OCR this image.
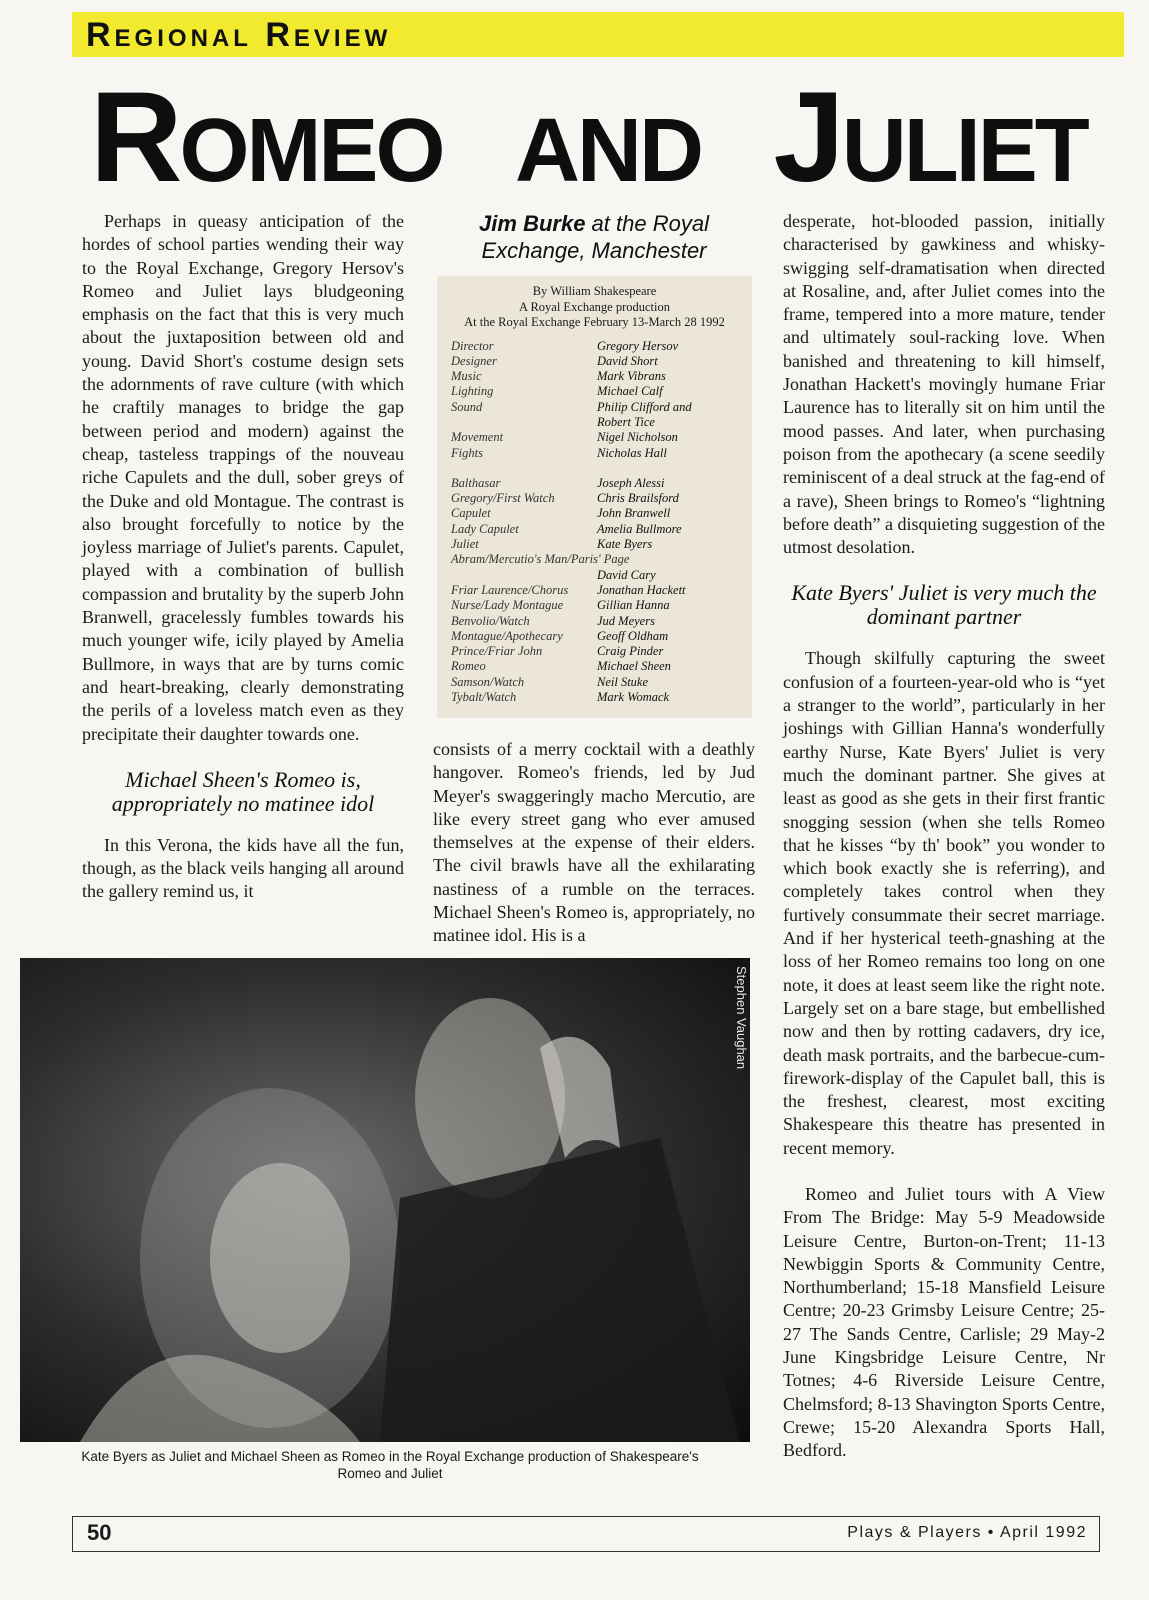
Regional Review
Romeo and Juliet

Perhaps in queasy anticipation of the hordes of school parties wending their way to the Royal Exchange, Gregory Hersov's Romeo and Juliet lays bludgeoning emphasis on the fact that this is very much about the juxtaposition between old and young. David Short's costume design sets the adornments of rave culture (with which he craftily manages to bridge the gap between period and modern) against the cheap, tasteless trappings of the nouveau riche Capulets and the dull, sober greys of the Duke and old Montague. The contrast is also brought forcefully to notice by the joyless marriage of Juliet's parents. Capulet, played with a combination of bullish compassion and brutality by the superb John Branwell, gracelessly fumbles towards his much younger wife, icily played by Amelia Bullmore, in ways that are by turns comic and heart-breaking, clearly demonstrating the perils of a loveless match even as they precipitate their daughter towards one.

Michael Sheen's Romeo is, appropriately no matinee idol

In this Verona, the kids have all the fun, though, as the black veils hanging all around the gallery remind us, it

Jim Burke at the Royal Exchange, Manchester
By William Shakespeare
A Royal Exchange production
At the Royal Exchange February 13-March 28 1992
Director	Gregory Hersov
Designer	David Short
Music	Mark Vibrans
Lighting	Michael Calf
Sound	Philip Clifford and
	Robert Tice
Movement	Nigel Nicholson
Fights	Nicholas Hall

Balthasar	Joseph Alessi
Gregory/First Watch	Chris Brailsford
Capulet	John Branwell
Lady Capulet	Amelia Bullmore
Juliet	Kate Byers
Abram/Mercutio's Man/Paris' Page	
	David Cary
Friar Laurence/Chorus	Jonathan Hackett
Nurse/Lady Montague	Gillian Hanna
Benvolio/Watch	Jud Meyers
Montague/Apothecary	Geoff Oldham
Prince/Friar John	Craig Pinder
Romeo	Michael Sheen
Samson/Watch	Neil Stuke
Tybalt/Watch	Mark Womack

consists of a merry cocktail with a deathly hangover. Romeo's friends, led by Jud Meyer's swaggeringly macho Mercutio, are like every street gang who ever amused themselves at the expense of their elders. The civil brawls have all the exhilarating nastiness of a rumble on the terraces. Michael Sheen's Romeo is, appropriately, no matinee idol. His is a

desperate, hot-blooded passion, initially characterised by gawkiness and whisky-swigging self-dramatisation when directed at Rosaline, and, after Juliet comes into the frame, tempered into a more mature, tender and ultimately soul-racking love. When banished and threatening to kill himself, Jonathan Hackett's movingly humane Friar Laurence has to literally sit on him until the mood passes. And later, when purchasing poison from the apothecary (a scene seedily reminiscent of a deal struck at the fag-end of a rave), Sheen brings to Romeo's “lightning before death” a disquieting suggestion of the utmost desolation.

Kate Byers' Juliet is very much the dominant partner

Though skilfully capturing the sweet confusion of a fourteen-year-old who is “yet a stranger to the world”, particularly in her joshings with Gillian Hanna's wonderfully earthy Nurse, Kate Byers' Juliet is very much the dominant partner. She gives at least as good as she gets in their first frantic snogging session (when she tells Romeo that he kisses “by th' book” you wonder to which book exactly she is referring), and completely takes control when they furtively consummate their secret marriage. And if her hysterical teeth-gnashing at the loss of her Romeo remains too long on one note, it does at least seem like the right note. Largely set on a bare stage, but embellished now and then by rotting cadavers, dry ice, death mask portraits, and the barbecue-cum-firework-display of the Capulet ball, this is the freshest, clearest, most exciting Shakespeare this theatre has presented in recent memory.

Romeo and Juliet tours with A View From The Bridge: May 5-9 Meadowside Leisure Centre, Burton-on-Trent; 11-13 Newbiggin Sports & Community Centre, Northumberland; 15-18 Mansfield Leisure Centre; 20-23 Grimsby Leisure Centre; 25-27 The Sands Centre, Carlisle; 29 May-2 June Kingsbridge Leisure Centre, Nr Totnes; 4-6 Riverside Leisure Centre, Chelmsford; 8-13 Shavington Sports Centre, Crewe; 15-20 Alexandra Sports Hall, Bedford.

Stephen Vaughan
Kate Byers as Juliet and Michael Sheen as Romeo in the Royal Exchange production of Shakespeare's Romeo and Juliet
50	Plays & Players • April 1992
